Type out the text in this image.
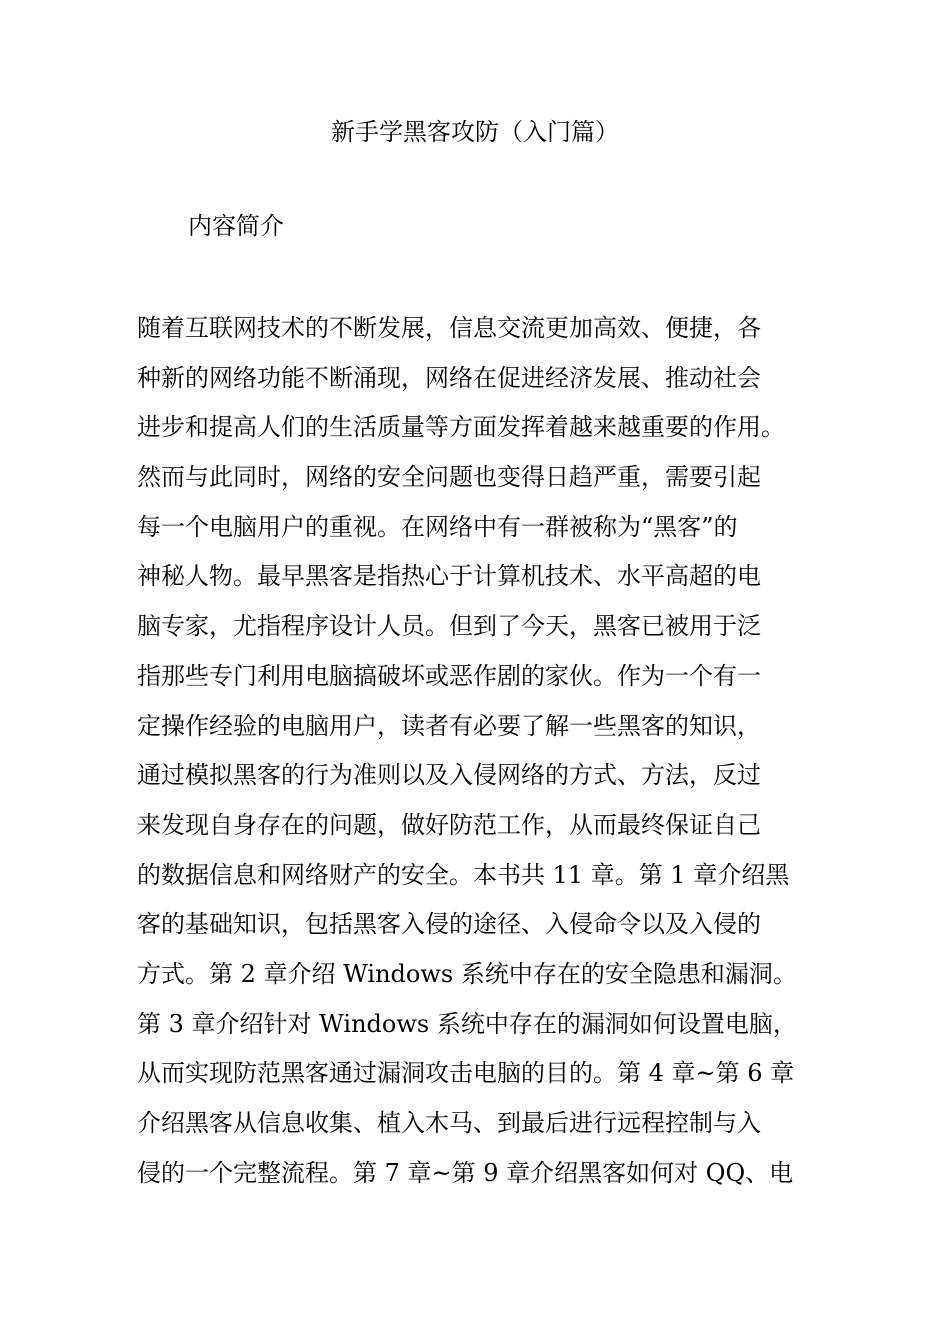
新手学黑客攻防（入门篇）
内容简介
随着互联网技术的不断发展，信息交流更加高效、便捷，各
种新的网络功能不断涌现，网络在促进经济发展、推动社会
进步和提高人们的生活质量等方面发挥着越来越重要的作用。
然而与此同时，网络的安全问题也变得日趋严重，需要引起
每一个电脑用户的重视。在网络中有一群被称为“黑客”的
神秘人物。最早黑客是指热心于计算机技术、水平高超的电
脑专家，尤指程序设计人员。但到了今天，黑客已被用于泛
指那些专门利用电脑搞破坏或恶作剧的家伙。作为一个有一
定操作经验的电脑用户，读者有必要了解一些黑客的知识，
通过模拟黑客的行为准则以及入侵网络的方式、方法，反过
来发现自身存在的问题，做好防范工作，从而最终保证自己
的数据信息和网络财产的安全。本书共 11 章。第 1 章介绍黑
客的基础知识，包括黑客入侵的途径、入侵命令以及入侵的
方式。第 2 章介绍 Windows 系统中存在的安全隐患和漏洞。
第 3 章介绍针对 Windows 系统中存在的漏洞如何设置电脑，
从而实现防范黑客通过漏洞攻击电脑的目的。第 4 章~第 6 章
介绍黑客从信息收集、植入木马、到最后进行远程控制与入
侵的一个完整流程。第 7 章~第 9 章介绍黑客如何对 QQ、电
